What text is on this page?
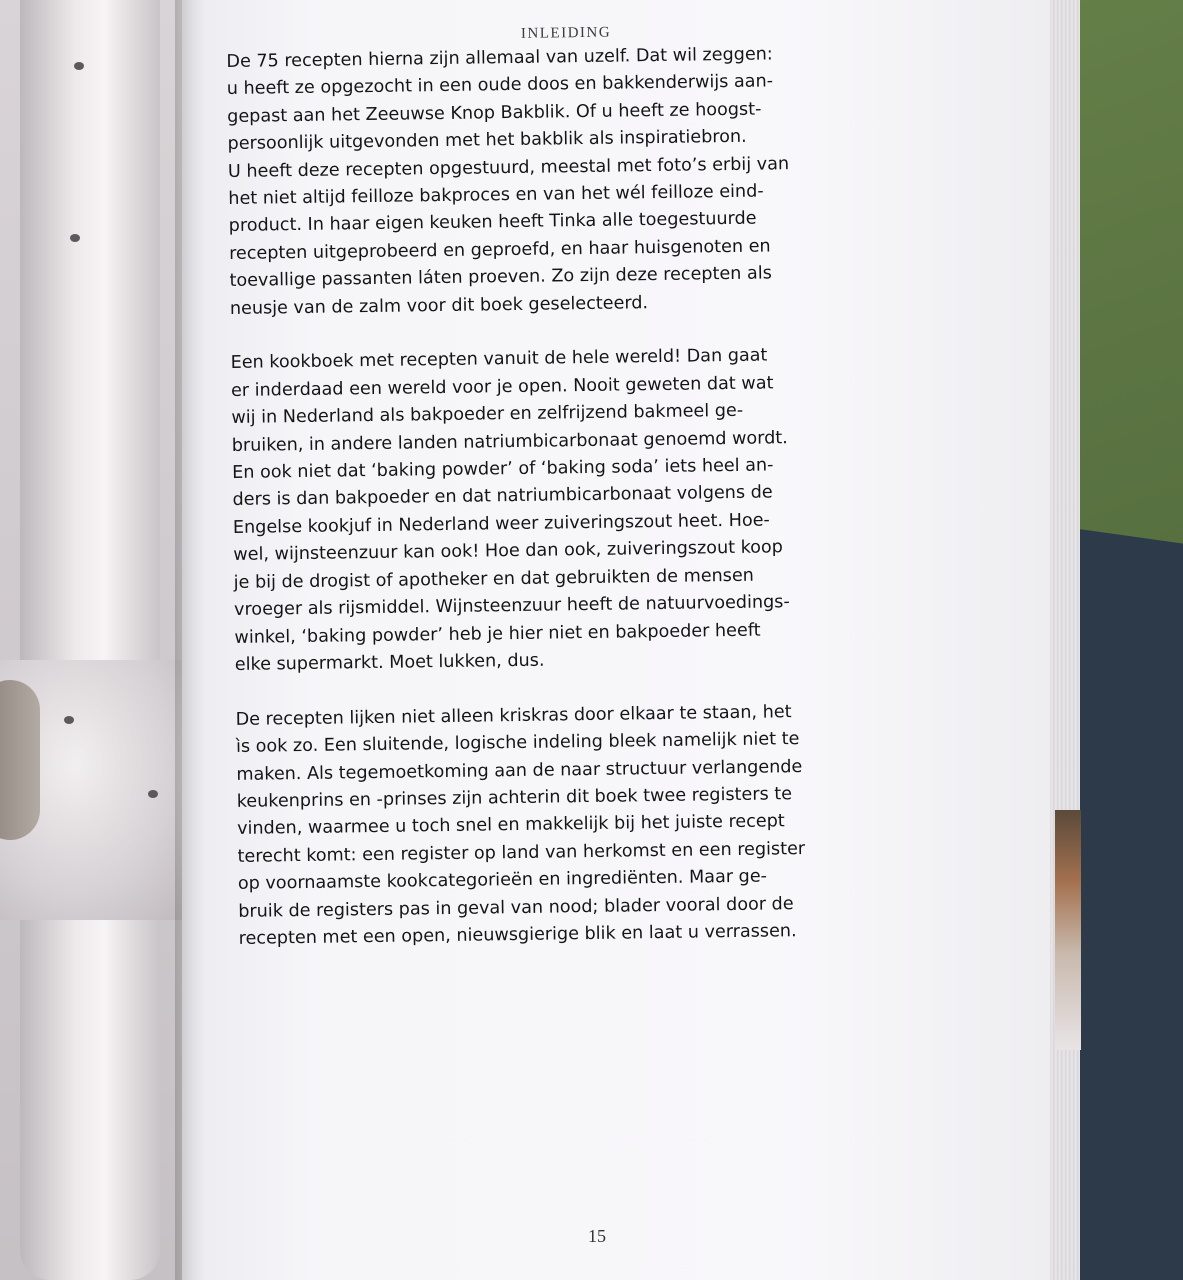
INLEIDING
De 75 recepten hierna zijn allemaal van uzelf. Dat wil zeggen:
u heeft ze opgezocht in een oude doos en bakkenderwijs aan-
gepast aan het Zeeuwse Knop Bakblik. Of u heeft ze hoogst-
persoonlijk uitgevonden met het bakblik als inspiratiebron.
U heeft deze recepten opgestuurd, meestal met foto’s erbij van
het niet altijd feilloze bakproces en van het wél feilloze eind-
product. In haar eigen keuken heeft Tinka alle toegestuurde
recepten uitgeprobeerd en geproefd, en haar huisgenoten en
toevallige passanten láten proeven. Zo zijn deze recepten als
neusje van de zalm voor dit boek geselecteerd.
Een kookboek met recepten vanuit de hele wereld! Dan gaat
er inderdaad een wereld voor je open. Nooit geweten dat wat
wij in Nederland als bakpoeder en zelfrijzend bakmeel ge-
bruiken, in andere landen natriumbicarbonaat genoemd wordt.
En ook niet dat ‘baking powder’ of ‘baking soda’ iets heel an-
ders is dan bakpoeder en dat natriumbicarbonaat volgens de
Engelse kookjuf in Nederland weer zuiveringszout heet. Hoe-
wel, wijnsteenzuur kan ook! Hoe dan ook, zuiveringszout koop
je bij de drogist of apotheker en dat gebruikten de mensen
vroeger als rijsmiddel. Wijnsteenzuur heeft de natuurvoedings-
winkel, ‘baking powder’ heb je hier niet en bakpoeder heeft
elke supermarkt. Moet lukken, dus.
De recepten lijken niet alleen kriskras door elkaar te staan, het
ìs ook zo. Een sluitende, logische indeling bleek namelijk niet te
maken. Als tegemoetkoming aan de naar structuur verlangende
keukenprins en -prinses zijn achterin dit boek twee registers te
vinden, waarmee u toch snel en makkelijk bij het juiste recept
terecht komt: een register op land van herkomst en een register
op voornaamste kookcategorieën en ingrediënten. Maar ge-
bruik de registers pas in geval van nood; blader vooral door de
recepten met een open, nieuwsgierige blik en laat u verrassen.
15
